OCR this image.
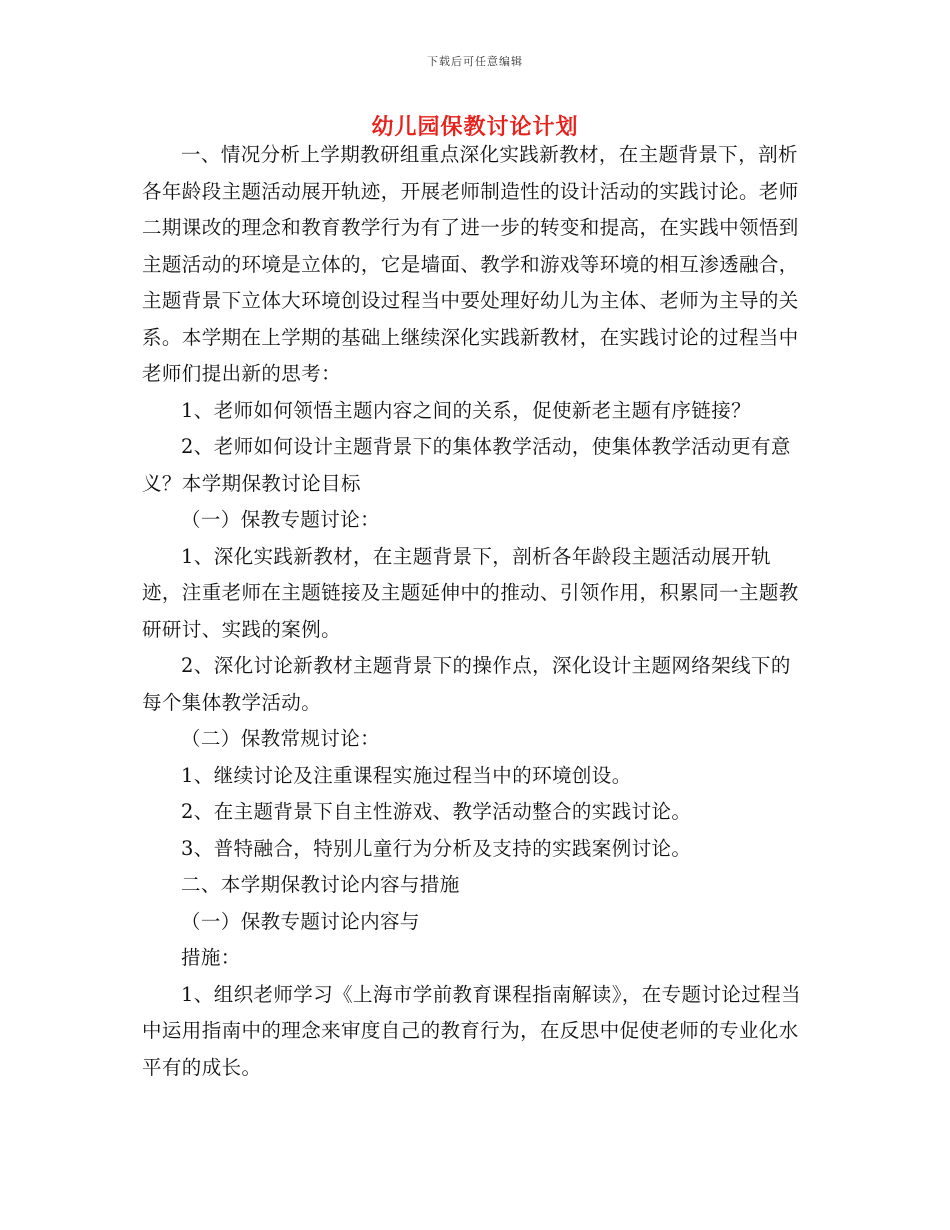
下载后可任意编辑
幼儿园保教讨论计划

一、情况分析上学期教研组重点深化实践新教材，在主题背景下，剖析各年龄段主题活动展开轨迹，开展老师制造性的设计活动的实践讨论。老师二期课改的理念和教育教学行为有了进一步的转变和提高，在实践中领悟到主题活动的环境是立体的，它是墙面、教学和游戏等环境的相互渗透融合，主题背景下立体大环境创设过程当中要处理好幼儿为主体、老师为主导的关系。本学期在上学期的基础上继续深化实践新教材，在实践讨论的过程当中老师们提出新的思考：

1、老师如何领悟主题内容之间的关系，促使新老主题有序链接？

2、老师如何设计主题背景下的集体教学活动，使集体教学活动更有意义？本学期保教讨论目标

（一）保教专题讨论：

1、深化实践新教材，在主题背景下，剖析各年龄段主题活动展开轨迹，注重老师在主题链接及主题延伸中的推动、引领作用，积累同一主题教研研讨、实践的案例。

2、深化讨论新教材主题背景下的操作点，深化设计主题网络架线下的每个集体教学活动。

（二）保教常规讨论：

1、继续讨论及注重课程实施过程当中的环境创设。

2、在主题背景下自主性游戏、教学活动整合的实践讨论。

3、普特融合，特别儿童行为分析及支持的实践案例讨论。

二、本学期保教讨论内容与措施

（一）保教专题讨论内容与

措施：

1、组织老师学习《上海市学前教育课程指南解读》，在专题讨论过程当中运用指南中的理念来审度自己的教育行为，在反思中促使老师的专业化水平有的成长。
